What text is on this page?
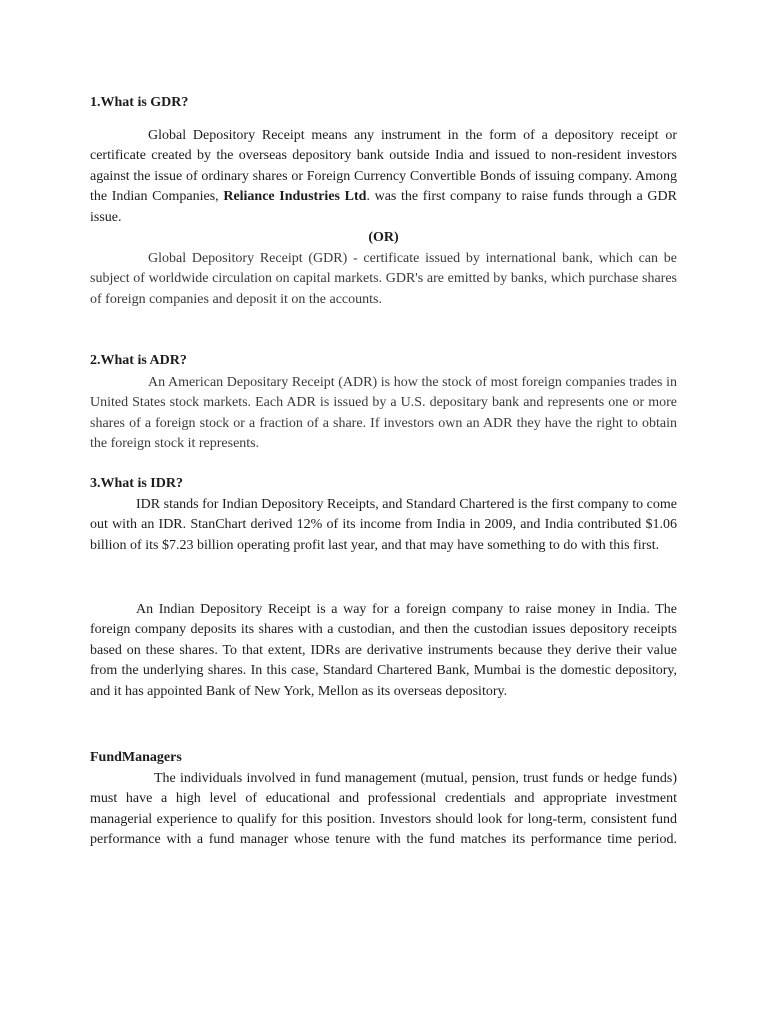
1.What is GDR?
Global Depository Receipt means any instrument in the form of a depository receipt or certificate created by the overseas depository bank outside India and issued to non-resident investors against the issue of ordinary shares or Foreign Currency Convertible Bonds of issuing company. Among the Indian Companies, Reliance Industries Ltd. was the first company to raise funds through a GDR issue.
(OR)
Global Depository Receipt (GDR) - certificate issued by international bank, which can be subject of worldwide circulation on capital markets. GDR's are emitted by banks, which purchase shares of foreign companies and deposit it on the accounts.
2.What is ADR?
An American Depositary Receipt (ADR) is how the stock of most foreign companies trades in United States stock markets. Each ADR is issued by a U.S. depositary bank and represents one or more shares of a foreign stock or a fraction of a share. If investors own an ADR they have the right to obtain the foreign stock it represents.
3.What is IDR?
IDR stands for Indian Depository Receipts, and Standard Chartered is the first company to come out with an IDR. StanChart derived 12% of its income from India in 2009, and India contributed $1.06 billion of its $7.23 billion operating profit last year, and that may have something to do with this first.
An Indian Depository Receipt is a way for a foreign company to raise money in India. The foreign company deposits its shares with a custodian, and then the custodian issues depository receipts based on these shares. To that extent, IDRs are derivative instruments because they derive their value from the underlying shares. In this case, Standard Chartered Bank, Mumbai is the domestic depository, and it has appointed Bank of New York, Mellon as its overseas depository.
FundManagers
The individuals involved in fund management (mutual, pension, trust funds or hedge funds) must have a high level of educational and professional credentials and appropriate investment managerial experience to qualify for this position. Investors should look for long-term, consistent fund performance with a fund manager whose tenure with the fund matches its performance time period.
